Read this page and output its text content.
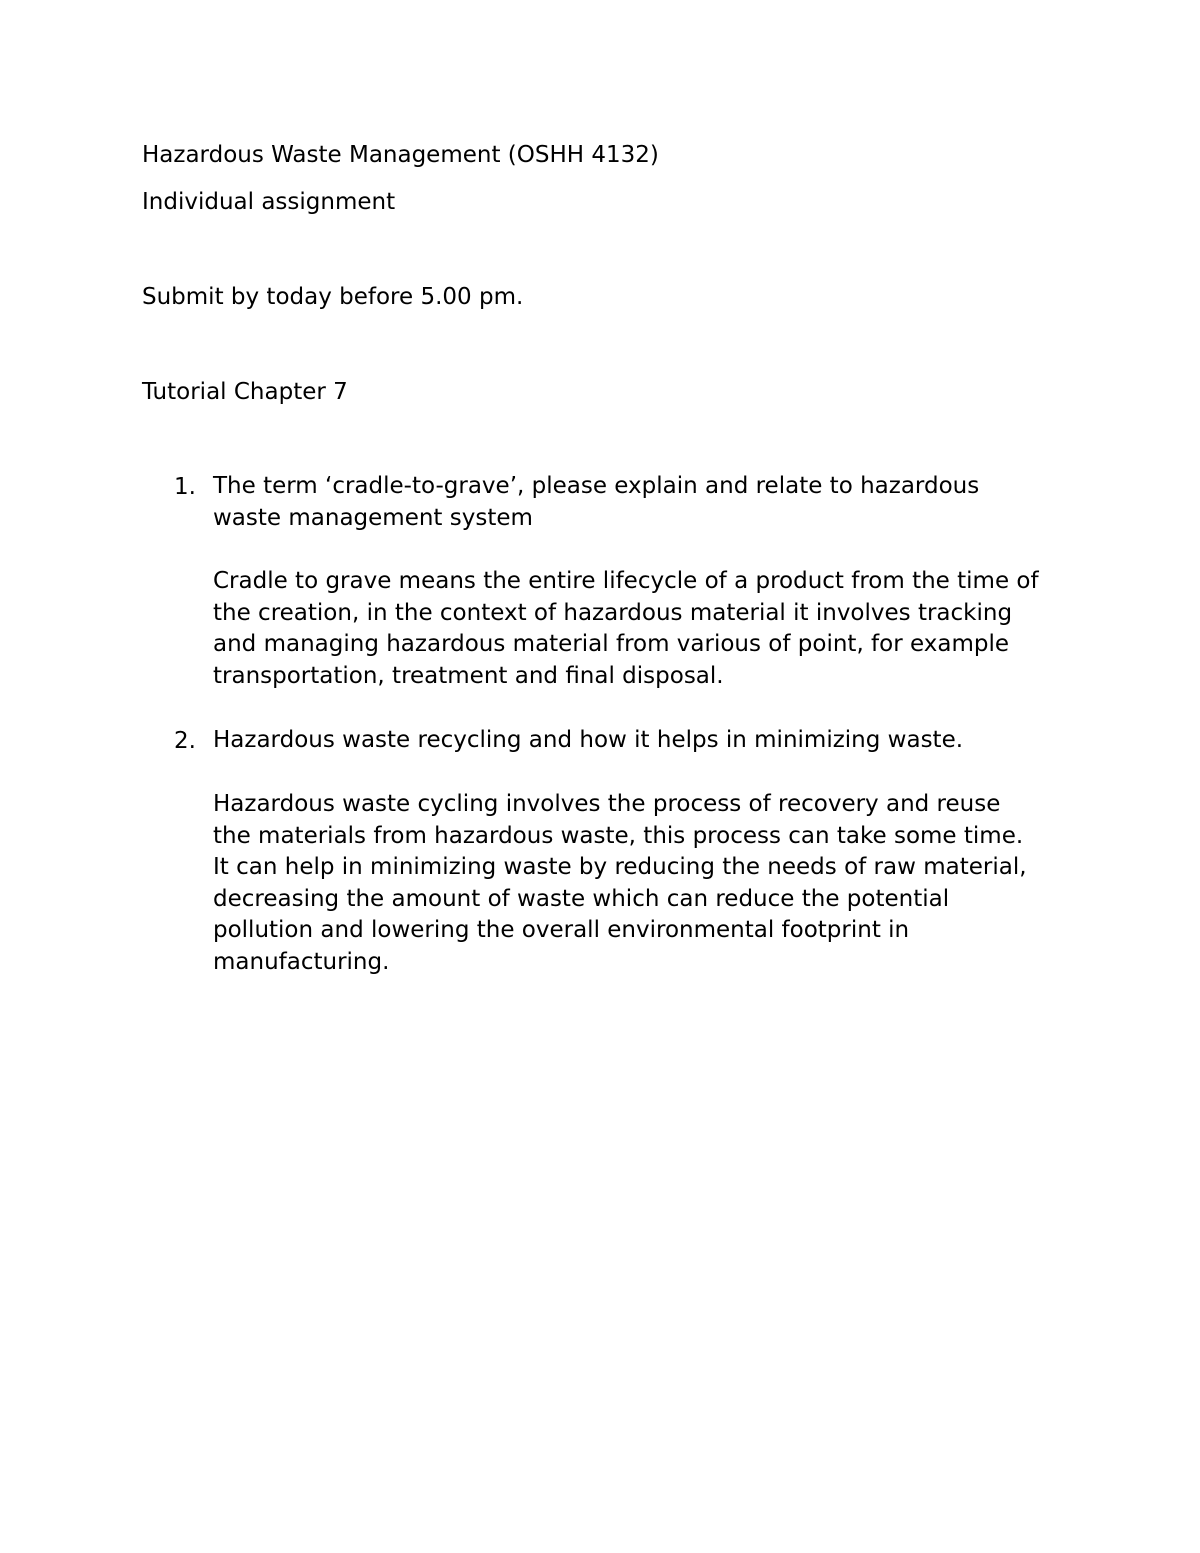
Hazardous Waste Management (OSHH 4132)
Individual assignment
Submit by today before 5.00 pm.
Tutorial Chapter 7
1. The term ‘cradle-to-grave’, please explain and relate to hazardous
waste management system
Cradle to grave means the entire lifecycle of a product from the time of
the creation, in the context of hazardous material it involves tracking
and managing hazardous material from various of point, for example
transportation, treatment and final disposal.
2. Hazardous waste recycling and how it helps in minimizing waste.
Hazardous waste cycling involves the process of recovery and reuse
the materials from hazardous waste, this process can take some time.
It can help in minimizing waste by reducing the needs of raw material,
decreasing the amount of waste which can reduce the potential
pollution and lowering the overall environmental footprint in
manufacturing.
